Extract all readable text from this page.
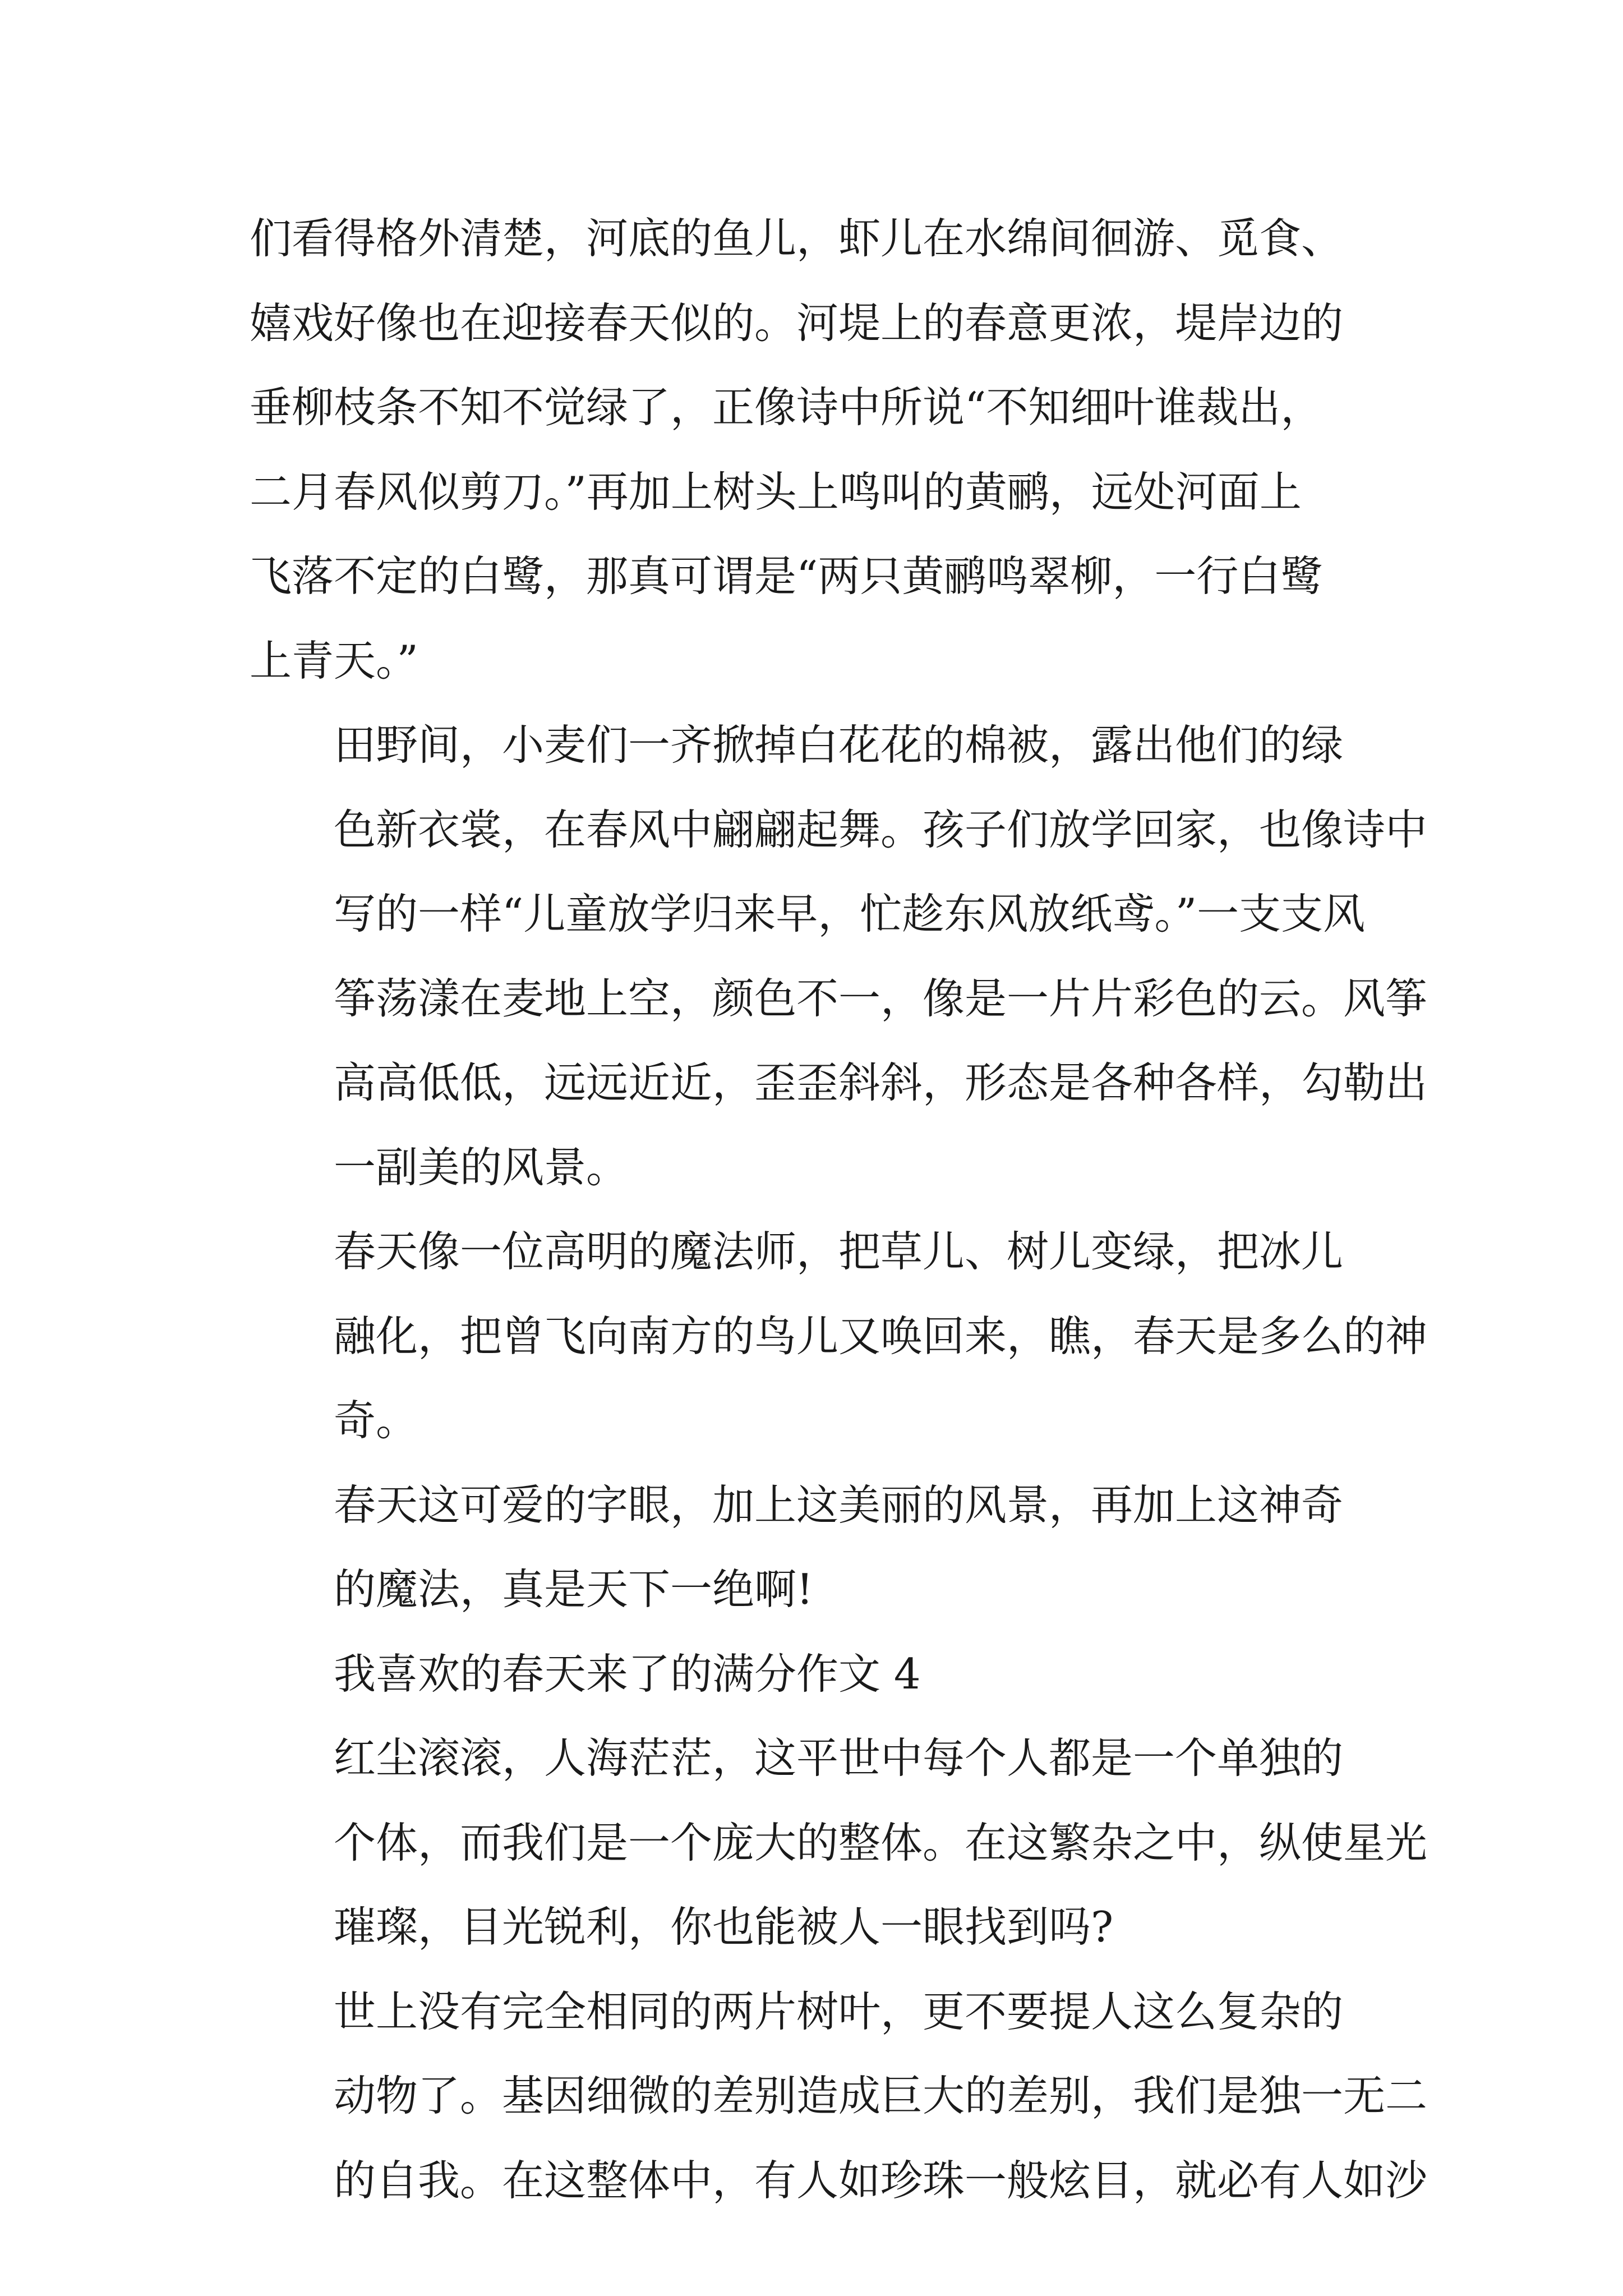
们看得格外清楚，河底的鱼儿，虾儿在水绵间徊游、觅食、
嬉戏好像也在迎接春天似的。河堤上的春意更浓，堤岸边的
垂柳枝条不知不觉绿了，正像诗中所说“不知细叶谁裁出，
二月春风似剪刀。”再加上树头上鸣叫的黄鹂，远处河面上
飞落不定的白鹭，那真可谓是“两只黄鹂鸣翠柳，一行白鹭
上青天。”

田野间，小麦们一齐掀掉白花花的棉被，露出他们的绿
色新衣裳，在春风中翩翩起舞。孩子们放学回家，也像诗中
写的一样“儿童放学归来早，忙趁东风放纸鸢。”一支支风
筝荡漾在麦地上空，颜色不一，像是一片片彩色的云。风筝
高高低低，远远近近，歪歪斜斜，形态是各种各样，勾勒出
一副美的风景。

春天像一位高明的魔法师，把草儿、树儿变绿，把冰儿
融化，把曾飞向南方的鸟儿又唤回来，瞧，春天是多么的神
奇。

春天这可爱的字眼，加上这美丽的风景，再加上这神奇
的魔法，真是天下一绝啊!

我喜欢的春天来了的满分作文 4

红尘滚滚，人海茫茫，这平世中每个人都是一个单独的
个体，而我们是一个庞大的整体。在这繁杂之中，纵使星光
璀璨，目光锐利，你也能被人一眼找到吗?

世上没有完全相同的两片树叶，更不要提人这么复杂的
动物了。基因细微的差别造成巨大的差别，我们是独一无二
的自我。在这整体中，有人如珍珠一般炫目，就必有人如沙
